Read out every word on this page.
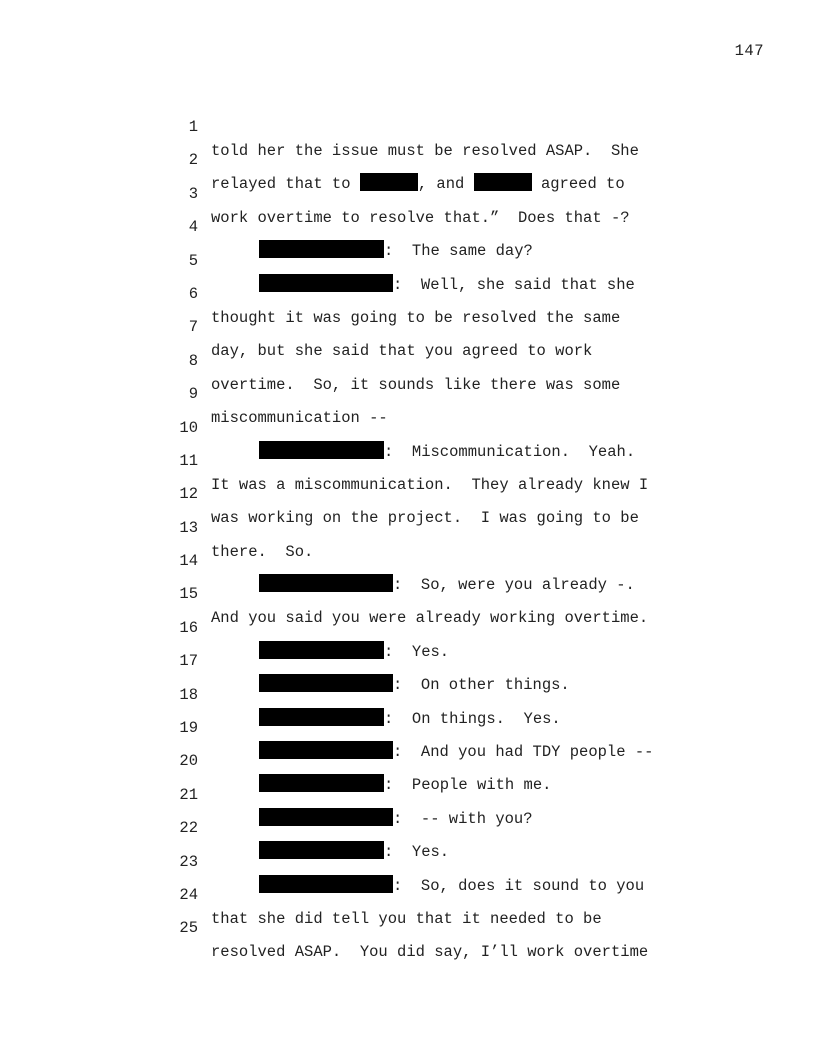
147

1

told her the issue must be resolved ASAP.  She

2

relayed that to	, and	agreed to

3

work overtime to resolve that.”  Does that -?

4

:  The same day?

5

:  Well, she said that she

6

thought it was going to be resolved the same

7

day, but she said that you agreed to work

8

overtime.  So, it sounds like there was some

9

miscommunication --

10

:  Miscommunication.  Yeah.

11

It was a miscommunication.  They already knew I

12

was working on the project.  I was going to be

13

there.  So.

14

:  So, were you already -.

15

And you said you were already working overtime.

16

:  Yes.

17

:  On other things.

18

:  On things.  Yes.

19

:  And you had TDY people --

20

:  People with me.

21

:  -- with you?

22

:  Yes.

23

:  So, does it sound to you

24

that she did tell you that it needed to be

25

resolved ASAP.  You did say, I’ll work overtime
